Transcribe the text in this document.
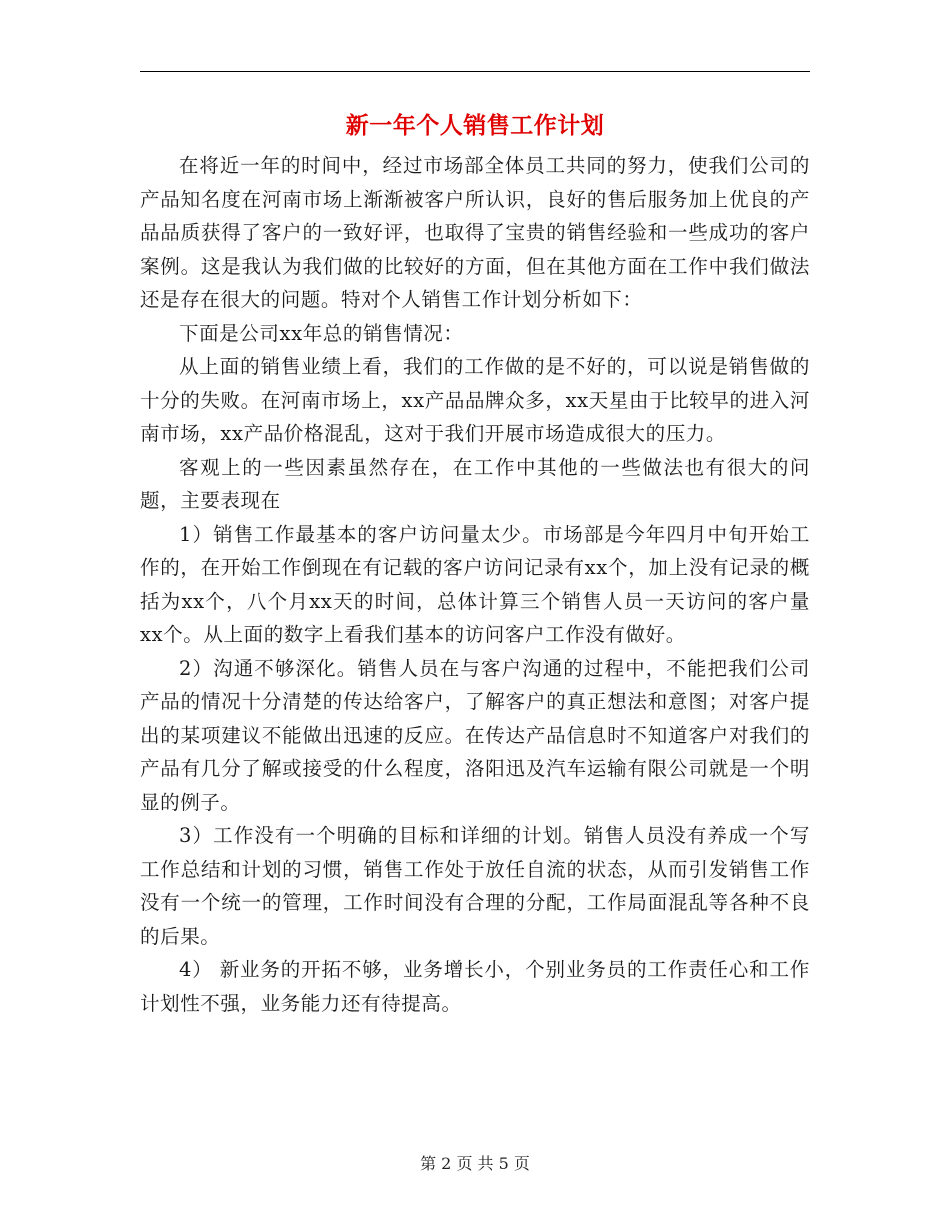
新一年个人销售工作计划

在将近一年的时间中，经过市场部全体员工共同的努力，使我们公司的产品知名度在河南市场上渐渐被客户所认识，良好的售后服务加上优良的产品品质获得了客户的一致好评，也取得了宝贵的销售经验和一些成功的客户案例。这是我认为我们做的比较好的方面，但在其他方面在工作中我们做法还是存在很大的问题。特对个人销售工作计划分析如下：

下面是公司xx年总的销售情况：

从上面的销售业绩上看，我们的工作做的是不好的，可以说是销售做的十分的失败。在河南市场上，xx产品品牌众多，xx天星由于比较早的进入河南市场，xx产品价格混乱，这对于我们开展市场造成很大的压力。

客观上的一些因素虽然存在，在工作中其他的一些做法也有很大的问题，主要表现在

1）销售工作最基本的客户访问量太少。市场部是今年四月中旬开始工作的，在开始工作倒现在有记载的客户访问记录有xx个，加上没有记录的概括为xx个，八个月xx天的时间，总体计算三个销售人员一天访问的客户量xx个。从上面的数字上看我们基本的访问客户工作没有做好。

2）沟通不够深化。销售人员在与客户沟通的过程中，不能把我们公司产品的情况十分清楚的传达给客户，了解客户的真正想法和意图；对客户提出的某项建议不能做出迅速的反应。在传达产品信息时不知道客户对我们的产品有几分了解或接受的什么程度，洛阳迅及汽车运输有限公司就是一个明显的例子。

3）工作没有一个明确的目标和详细的计划。销售人员没有养成一个写工作总结和计划的习惯，销售工作处于放任自流的状态，从而引发销售工作没有一个统一的管理，工作时间没有合理的分配，工作局面混乱等各种不良的后果。

4） 新业务的开拓不够，业务增长小，个别业务员的工作责任心和工作计划性不强，业务能力还有待提高。

第 2 页 共 5 页
